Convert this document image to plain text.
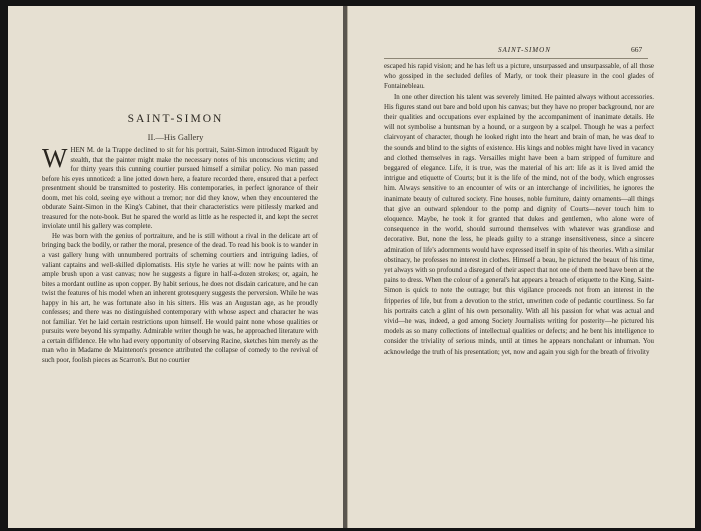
SAINT-SIMON
II.—His Gallery

WHEN M. de la Trappe declined to sit for his portrait, Saint-Simon introduced Rigault by stealth, that the painter might make the necessary notes of his unconscious victim; and for thirty years this cunning courtier pursued himself a similar policy. No man passed before his eyes unnoticed: a line jotted down here, a feature recorded there, ensured that a perfect presentment should be transmitted to posterity. His contemporaries, in perfect ignorance of their doom, met his cold, seeing eye without a tremor; nor did they know, when they encountered the obdurate Saint-Simon in the King's Cabinet, that their characteristics were pitilessly marked and treasured for the note-book. But he spared the world as little as he respected it, and kept the secret inviolate until his gallery was complete.

He was born with the genius of portraiture, and he is still without a rival in the delicate art of bringing back the bodily, or rather the moral, presence of the dead. To read his book is to wander in a vast gallery hung with unnumbered portraits of scheming courtiers and intriguing ladies, of valiant captains and well-skilled diplomatists. His style he varies at will: now he paints with an ample brush upon a vast canvas; now he suggests a figure in half-a-dozen strokes; or, again, he bites a mordant outline as upon copper. By habit serious, he does not disdain caricature, and he can twist the features of his model when an inherent grotesquery suggests the perversion. While he was happy in his art, he was fortunate also in his sitters. His was an Augustan age, as he proudly confesses; and there was no distinguished contemporary with whose aspect and character he was not familiar. Yet he laid certain restrictions upon himself. He would paint none whose qualities or pursuits were beyond his sympathy. Admirable writer though he was, he approached literature with a certain diffidence. He who had every opportunity of observing Racine, sketches him merely as the man who in Madame de Maintenon's presence attributed the collapse of comedy to the revival of such poor, foolish pieces as Scarron's. But no courtier

SAINT-SIMON	667

escaped his rapid vision; and he has left us a picture, unsurpassed and unsurpassable, of all those who gossiped in the secluded defiles of Marly, or took their pleasure in the cool glades of Fontainebleau.

In one other direction his talent was severely limited. He painted always without accessories. His figures stand out bare and bold upon his canvas; but they have no proper background, nor are their qualities and occupations ever explained by the accompaniment of inanimate details. He will not symbolise a huntsman by a hound, or a surgeon by a scalpel. Though he was a perfect clairvoyant of character, though he looked right into the heart and brain of man, he was deaf to the sounds and blind to the sights of existence. His kings and nobles might have lived in vacancy and clothed themselves in rags. Versailles might have been a barn stripped of furniture and beggared of elegance. Life, it is true, was the material of his art: life as it is lived amid the intrigue and etiquette of Courts; but it is the life of the mind, not of the body, which engrosses him. Always sensitive to an encounter of wits or an interchange of incivilities, he ignores the inanimate beauty of cultured society. Fine houses, noble furniture, dainty ornaments—all things that give an outward splendour to the pomp and dignity of Courts—never touch him to eloquence. Maybe, he took it for granted that dukes and gentlemen, who alone were of consequence in the world, should surround themselves with whatever was grandiose and decorative. But, none the less, he pleads guilty to a strange insensitiveness, since a sincere admiration of life's adornments would have expressed itself in spite of his theories. With a similar obstinacy, he professes no interest in clothes. Himself a beau, he pictured the beaux of his time, yet always with so profound a disregard of their aspect that not one of them need have been at the pains to dress. When the colour of a general's hat appears a breach of etiquette to the King, Saint-Simon is quick to note the outrage; but this vigilance proceeds not from an interest in the fripperies of life, but from a devotion to the strict, unwritten code of pedantic courtliness. So far his portraits catch a glint of his own personality. With all his passion for what was actual and vivid—he was, indeed, a god among Society Journalists writing for posterity—he pictured his models as so many collections of intellectual qualities or defects; and he bent his intelligence to consider the triviality of serious minds, until at times he appears nonchalant or inhuman. You acknowledge the truth of his presentation; yet, now and again you sigh for the breath of frivolity
